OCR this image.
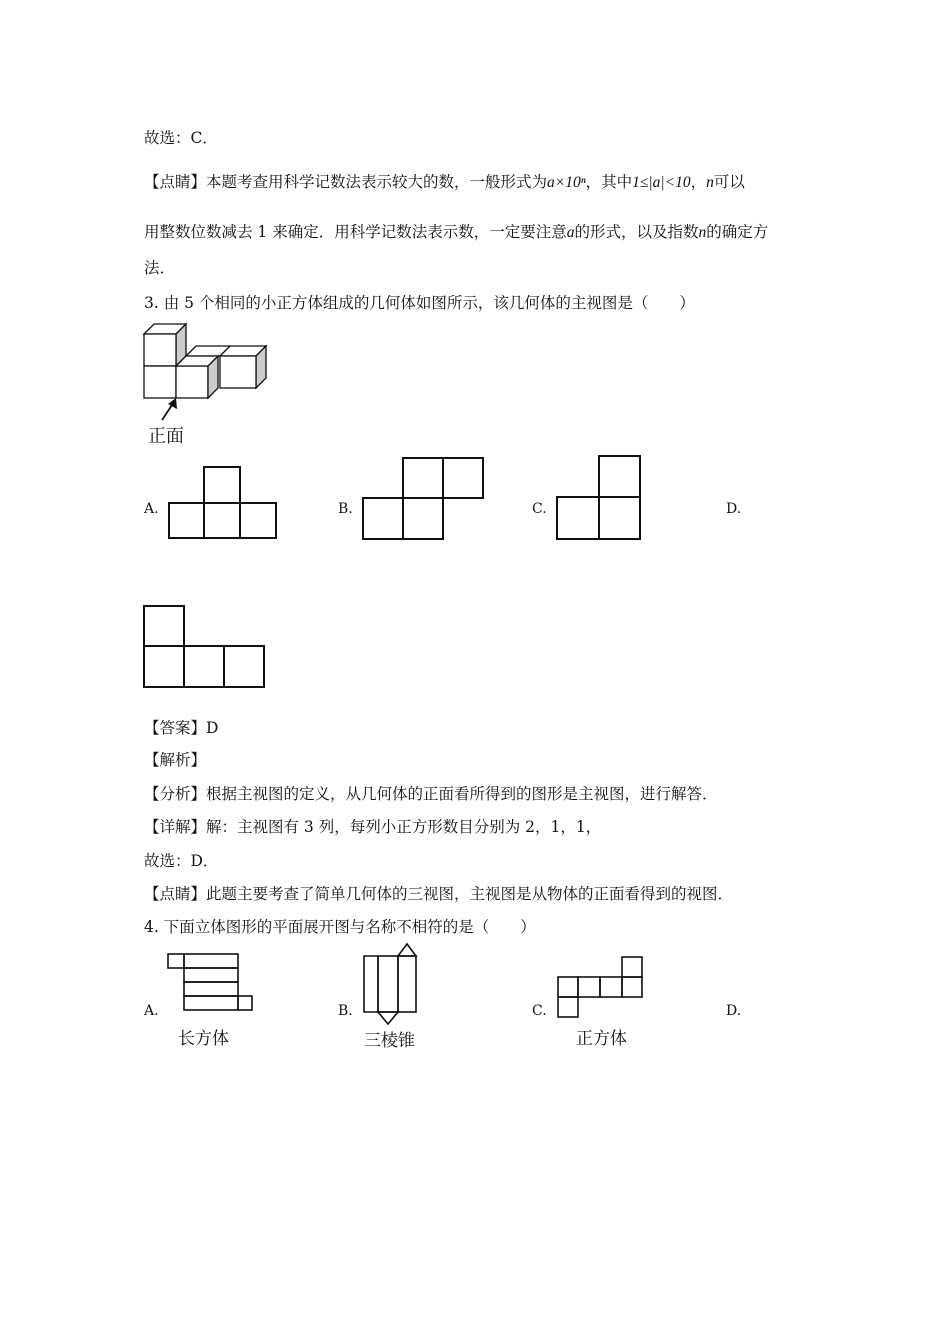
故选：C．
【点睛】本题考查用科学记数法表示较大的数，一般形式为a×10ⁿ，其中1≤|a|<10，n可以
用整数位数减去 1 来确定．用科学记数法表示数，一定要注意a的形式，以及指数n的确定方
法．
3. 由 5 个相同的小正方体组成的几何体如图所示，该几何体的主视图是（　　）
正面
A.	B.	C.	D.
【答案】D
【解析】
【分析】根据主视图的定义，从几何体的正面看所得到的图形是主视图，进行解答．
【详解】解：主视图有 3 列，每列小正方形数目分别为 2，1，1，
故选：D．
【点睛】此题主要考查了简单几何体的三视图，主视图是从物体的正面看得到的视图．
4. 下面立体图形的平面展开图与名称不相符的是（　　）
A.
长方体
B.
三棱锥
C.
正方体
D.
